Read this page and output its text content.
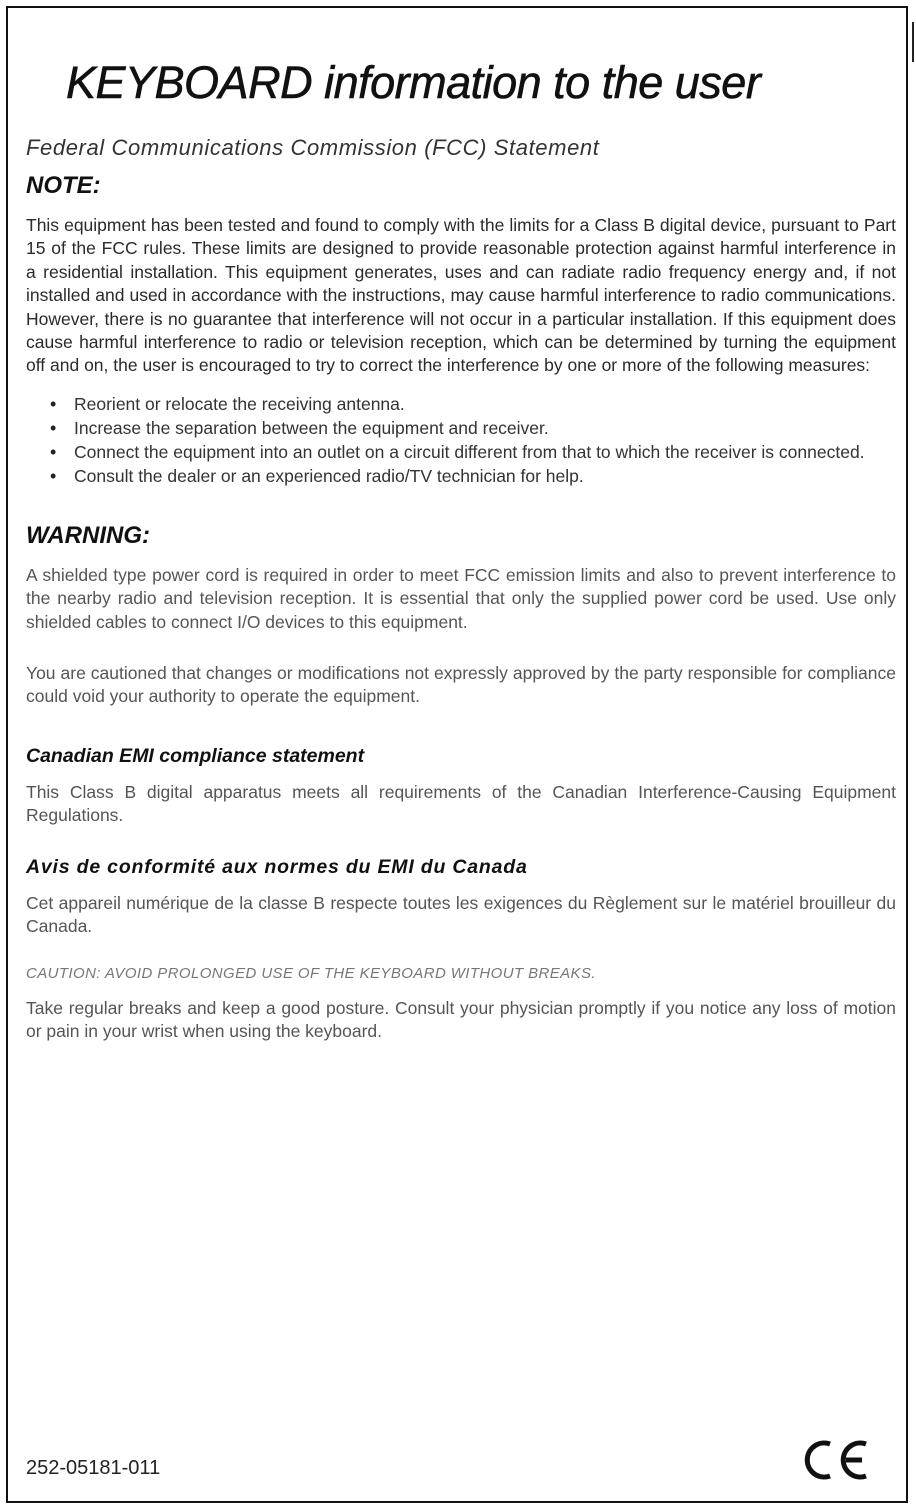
KEYBOARD information to the user
Federal Communications Commission (FCC) Statement
NOTE:

This equipment has been tested and found to comply with the limits for a Class B digital device, pursuant to Part 15 of the FCC rules. These limits are designed to provide reasonable protection against harmful interference in a residential installation. This equipment generates, uses and can radiate radio frequency energy and, if not installed and used in accordance with the instructions, may cause harmful interference to radio communications. However, there is no guarantee that interference will not occur in a particular installation. If this equipment does cause harmful interference to radio or television reception, which can be determined by turning the equipment off and on, the user is encouraged to try to correct the interference by one or more of the following measures:

• Reorient or relocate the receiving antenna.
• Increase the separation between the equipment and receiver.
• Connect the equipment into an outlet on a circuit different from that to which the receiver is connected.
• Consult the dealer or an experienced radio/TV technician for help.
WARNING:

A shielded type power cord is required in order to meet FCC emission limits and also to prevent interference to the nearby radio and television reception. It is essential that only the supplied power cord be used. Use only shielded cables to connect I/O devices to this equipment.

You are cautioned that changes or modifications not expressly approved by the party responsible for compliance could void your authority to operate the equipment.

Canadian EMI compliance statement

This Class B digital apparatus meets all requirements of the Canadian Interference-Causing Equipment Regulations.

Avis de conformité aux normes du EMI du Canada

Cet appareil numérique de la classe B respecte toutes les exigences du Règlement sur le matériel brouilleur du Canada.

CAUTION: AVOID PROLONGED USE OF THE KEYBOARD WITHOUT BREAKS.

Take regular breaks and keep a good posture. Consult your physician promptly if you notice any loss of motion or pain in your wrist when using the keyboard.

252-05181-011
